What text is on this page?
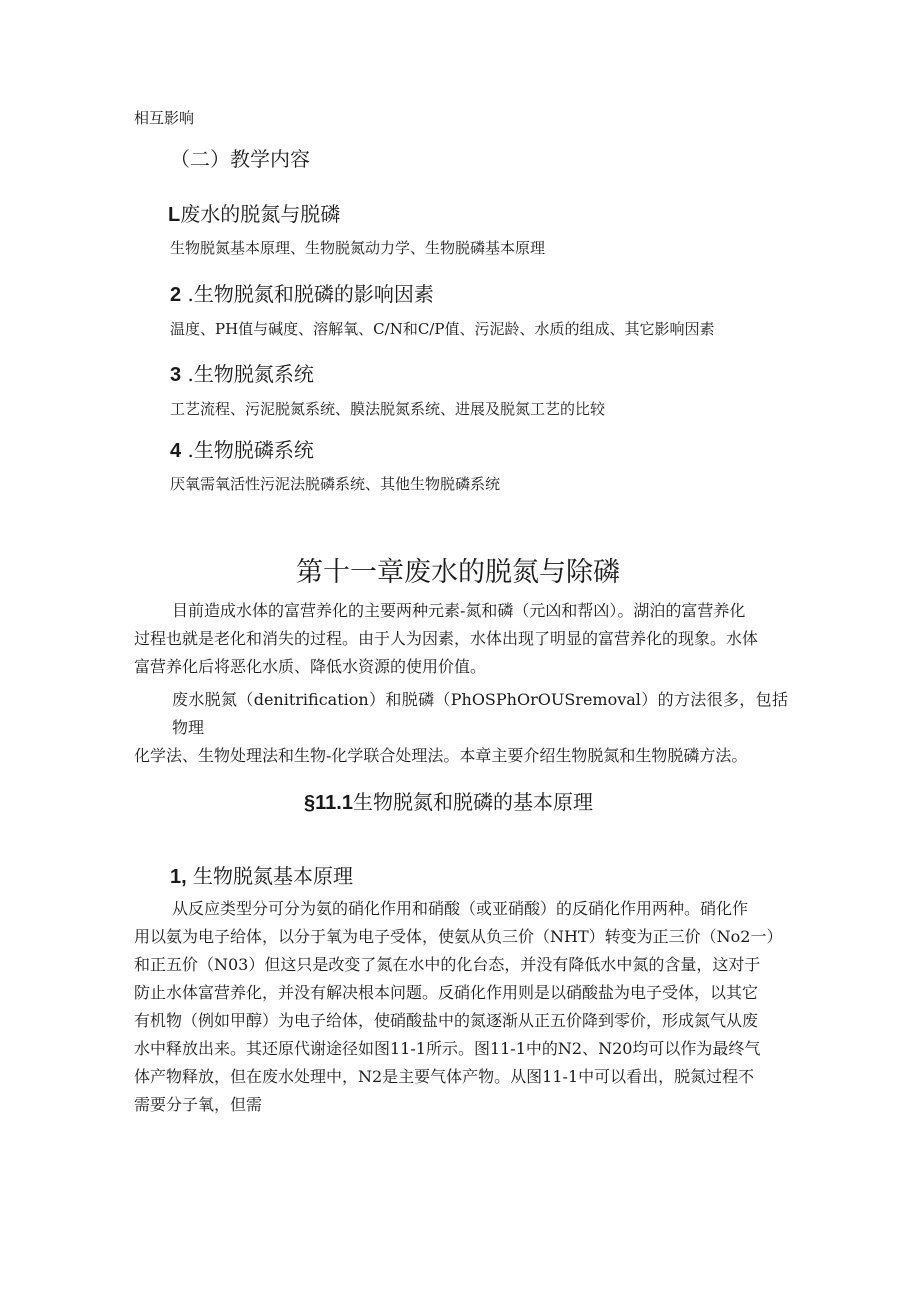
相互影响

（二）教学内容

L废水的脱氮与脱磷

生物脱氮基本原理、生物脱氮动力学、生物脱磷基本原理

2 .生物脱氮和脱磷的影响因素

温度、PH值与碱度、溶解氧、C/N和C/P值、污泥龄、水质的组成、其它影响因素

3 .生物脱氮系统

工艺流程、污泥脱氮系统、膜法脱氮系统、进展及脱氮工艺的比较

4 .生物脱磷系统

厌氧需氧活性污泥法脱磷系统、其他生物脱磷系统

第十一章废水的脱氮与除磷

目前造成水体的富营养化的主要两种元素-氮和磷（元凶和帮凶）。湖泊的富营养化
过程也就是老化和消失的过程。由于人为因素，水体出现了明显的富营养化的现象。水体
富营养化后将恶化水质、降低水资源的使用价值。
废水脱氮（denitrification）和脱磷（PhOSPhOrOUSremoval）的方法很多，包括物理
化学法、生物处理法和生物-化学联合处理法。本章主要介绍生物脱氮和生物脱磷方法。

§11.1生物脱氮和脱磷的基本原理

1, 生物脱氮基本原理

从反应类型分可分为氨的硝化作用和硝酸（或亚硝酸）的反硝化作用两种。硝化作
用以氨为电子给体，以分于氧为电子受体，使氨从负三价（NHT）转变为正三价（No2一）
和正五价（N03）但这只是改变了氮在水中的化台态，并没有降低水中氮的含量，这对于
防止水体富营养化，并没有解决根本问题。反硝化作用则是以硝酸盐为电子受体，以其它
有机物（例如甲醇）为电子给体，使硝酸盐中的氮逐渐从正五价降到零价，形成氮气从废
水中释放出来。其还原代谢途径如图11-1所示。图11-1中的N2、N20均可以作为最终气
体产物释放，但在废水处理中，N2是主要气体产物。从图11-1中可以看出，脱氮过程不
需要分子氧，但需
